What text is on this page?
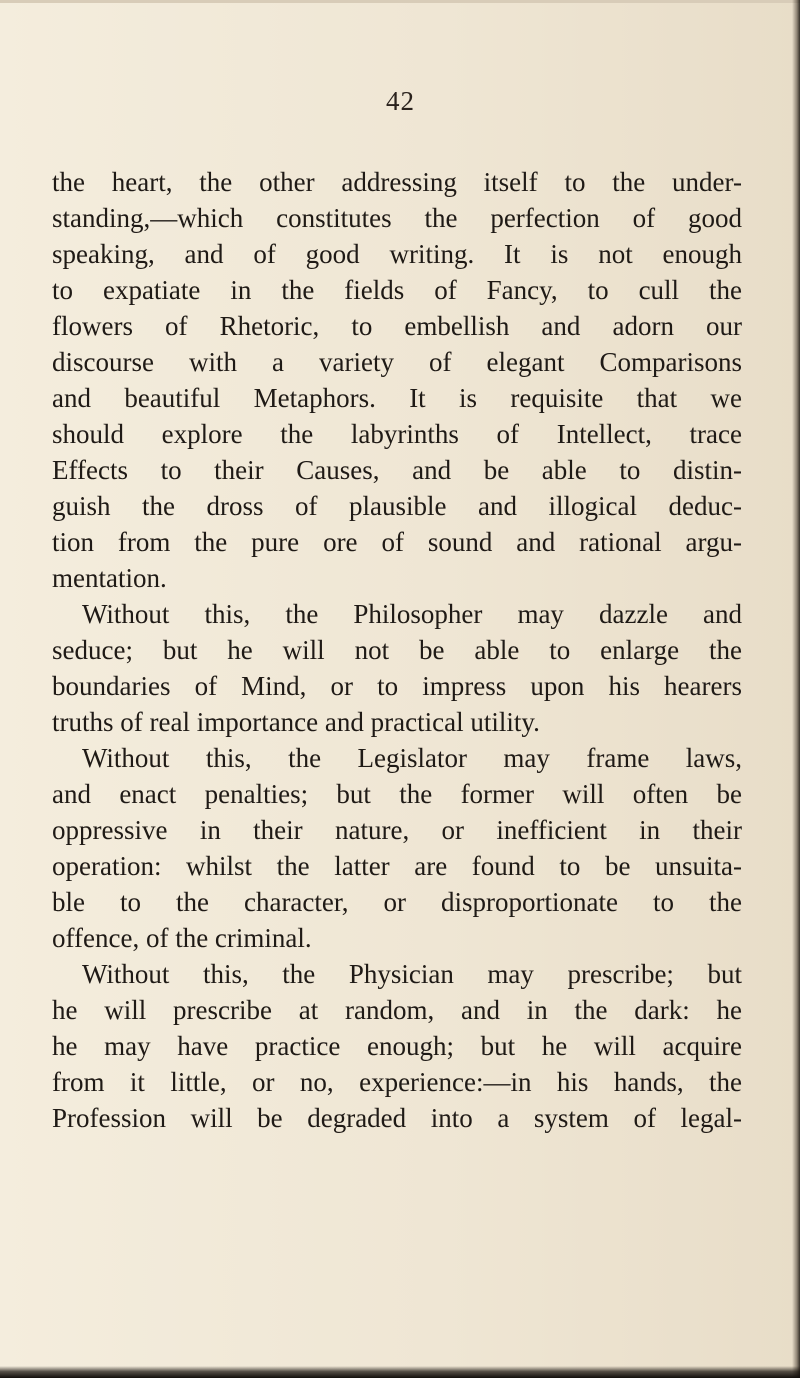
42
the heart, the other addressing itself to the under-
standing,—which constitutes the perfection of good
speaking, and of good writing. It is not enough
to expatiate in the fields of Fancy, to cull the
flowers of Rhetoric, to embellish and adorn our
discourse with a variety of elegant Comparisons
and beautiful Metaphors. It is requisite that we
should explore the labyrinths of Intellect, trace
Effects to their Causes, and be able to distin-
guish the dross of plausible and illogical deduc-
tion from the pure ore of sound and rational argu-
mentation.
Without this, the Philosopher may dazzle and
seduce; but he will not be able to enlarge the
boundaries of Mind, or to impress upon his hearers
truths of real importance and practical utility.
Without this, the Legislator may frame laws,
and enact penalties; but the former will often be
oppressive in their nature, or inefficient in their
operation: whilst the latter are found to be unsuita-
ble to the character, or disproportionate to the
offence, of the criminal.
Without this, the Physician may prescribe; but
he will prescribe at random, and in the dark: he
he may have practice enough; but he will acquire
from it little, or no, experience:—in his hands, the
Profession will be degraded into a system of legal-
